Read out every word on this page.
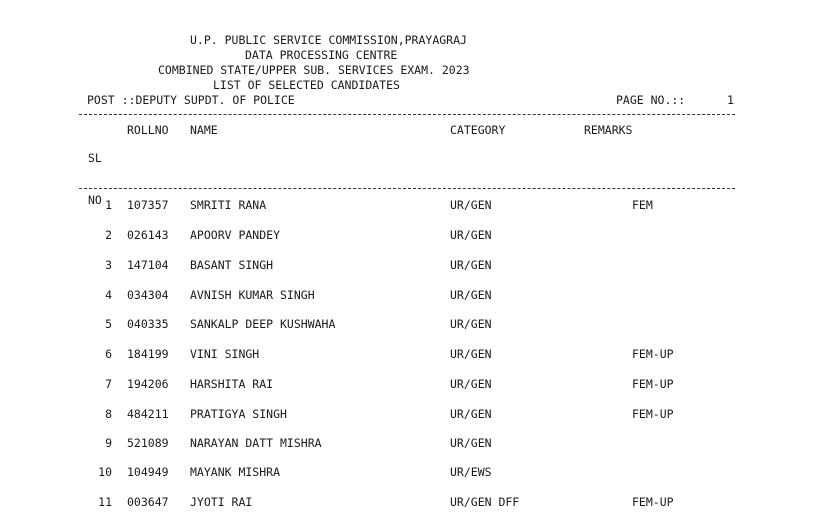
U.P. PUBLIC SERVICE COMMISSION,PRAYAGRAJ
DATA PROCESSING CENTRE
COMBINED STATE/UPPER SUB. SERVICES EXAM. 2023
LIST OF SELECTED CANDIDATES
POST ::DEPUTY SUPDT. OF POLICE	PAGE NO.::	1

SL

NO

ROLLNO NAME	CATEGORY	REMARKS
1 107357 SMRITI RANA	UR/GEN	FEM
2 026143 APOORV PANDEY	UR/GEN
3 147104 BASANT SINGH	UR/GEN
4 034304 AVNISH KUMAR SINGH	UR/GEN
5 040335 SANKALP DEEP KUSHWAHA	UR/GEN
6 184199 VINI SINGH	UR/GEN	FEM-UP
7 194206 HARSHITA RAI	UR/GEN	FEM-UP
8 484211 PRATIGYA SINGH	UR/GEN	FEM-UP
9 521089 NARAYAN DATT MISHRA	UR/GEN
10 104949 MAYANK MISHRA	UR/EWS
11 003647 JYOTI RAI	UR/GEN DFF	FEM-UP
